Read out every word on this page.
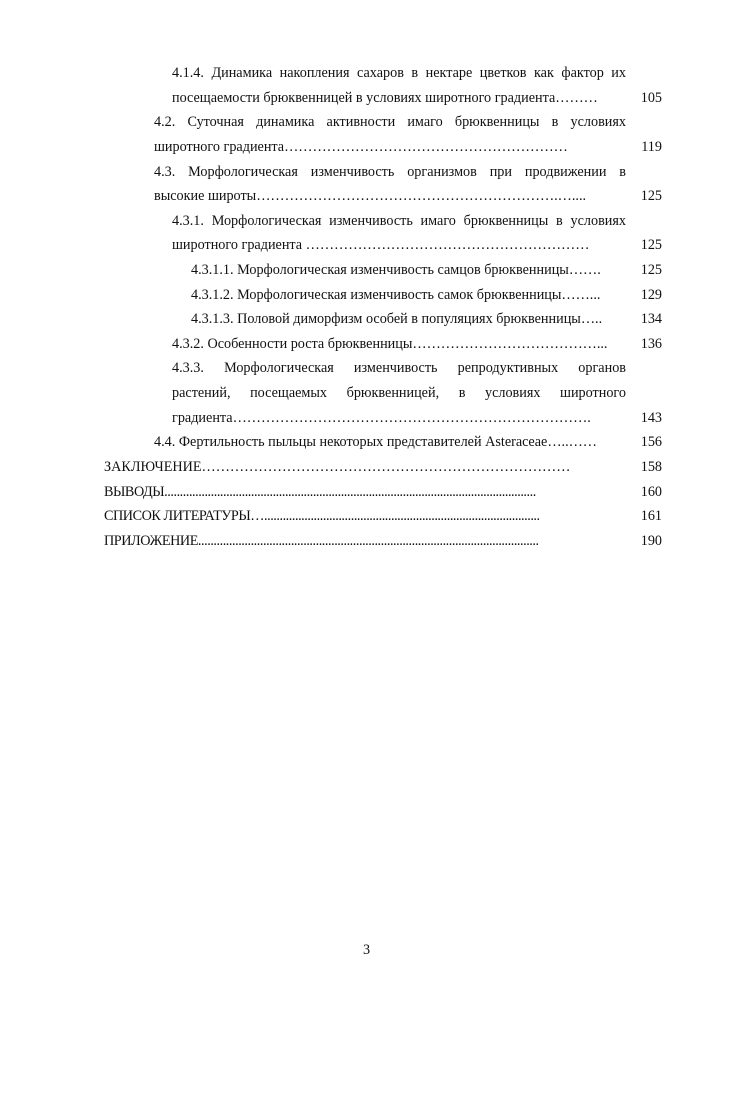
4.1.4. Динамика накопления сахаров в нектаре цветков как фактор их
посещаемости брюквенницей в условиях широтного градиента………	105
4.2. Суточная динамика активности имаго брюквенницы в условиях
широтного градиента……………………………………………………	119
4.3. Морфологическая изменчивость организмов при продвижении в
высокие широты……………………………………………………….…....	125
4.3.1. Морфологическая изменчивость имаго брюквенницы в условиях
широтного градиента ……………………………………………………	125
4.3.1.1. Морфологическая изменчивость самцов брюквенницы…….	125
4.3.1.2. Морфологическая изменчивость самок брюквенницы……...	129
4.3.1.3. Половой диморфизм особей в популяциях брюквенницы…..	134
4.3.2. Особенности роста брюквенницы…………………………………...	136
4.3.3. Морфологическая изменчивость репродуктивных органов
растений, посещаемых брюквенницей, в условиях широтного
градиента………………………………………………………………….	143
4.4. Фертильность пыльцы некоторых представителей Asteraceae…..……	156
ЗАКЛЮЧЕНИЕ……………………………………………………………………	158
ВЫВОДЫ........................................................................................................................	160
СПИСОК ЛИТЕРАТУРЫ….........................................................................................	161
ПРИЛОЖЕНИЕ..............................................................................................................	190
3
